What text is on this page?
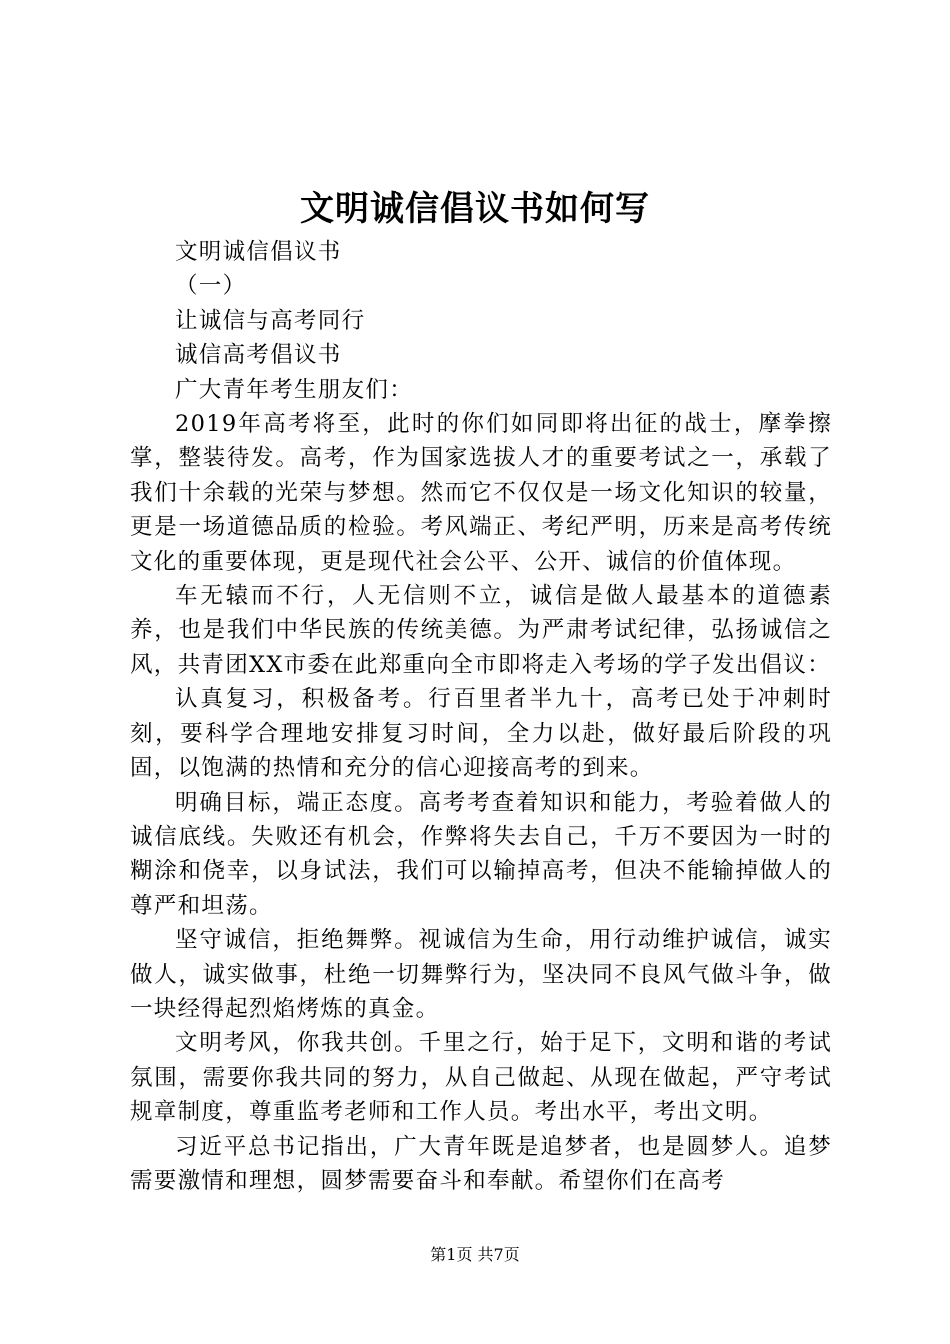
文明诚信倡议书如何写

文明诚信倡议书

（一）

让诚信与高考同行

诚信高考倡议书

广大青年考生朋友们：

2019年高考将至，此时的你们如同即将出征的战士，摩拳擦掌，整装待发。高考，作为国家选拔人才的重要考试之一，承载了我们十余载的光荣与梦想。然而它不仅仅是一场文化知识的较量，更是一场道德品质的检验。考风端正、考纪严明，历来是高考传统文化的重要体现，更是现代社会公平、公开、诚信的价值体现。

车无辕而不行，人无信则不立，诚信是做人最基本的道德素养，也是我们中华民族的传统美德。为严肃考试纪律，弘扬诚信之风，共青团XX市委在此郑重向全市即将走入考场的学子发出倡议：

认真复习，积极备考。行百里者半九十，高考已处于冲刺时刻，要科学合理地安排复习时间，全力以赴，做好最后阶段的巩固，以饱满的热情和充分的信心迎接高考的到来。

明确目标，端正态度。高考考查着知识和能力，考验着做人的诚信底线。失败还有机会，作弊将失去自己，千万不要因为一时的糊涂和侥幸，以身试法，我们可以输掉高考，但决不能输掉做人的尊严和坦荡。

坚守诚信，拒绝舞弊。视诚信为生命，用行动维护诚信，诚实做人，诚实做事，杜绝一切舞弊行为，坚决同不良风气做斗争，做一块经得起烈焰烤炼的真金。

文明考风，你我共创。千里之行，始于足下，文明和谐的考试氛围，需要你我共同的努力，从自己做起、从现在做起，严守考试规章制度，尊重监考老师和工作人员。考出水平，考出文明。

习近平总书记指出，广大青年既是追梦者，也是圆梦人。追梦需要激情和理想，圆梦需要奋斗和奉献。希望你们在高考

第1页 共7页
